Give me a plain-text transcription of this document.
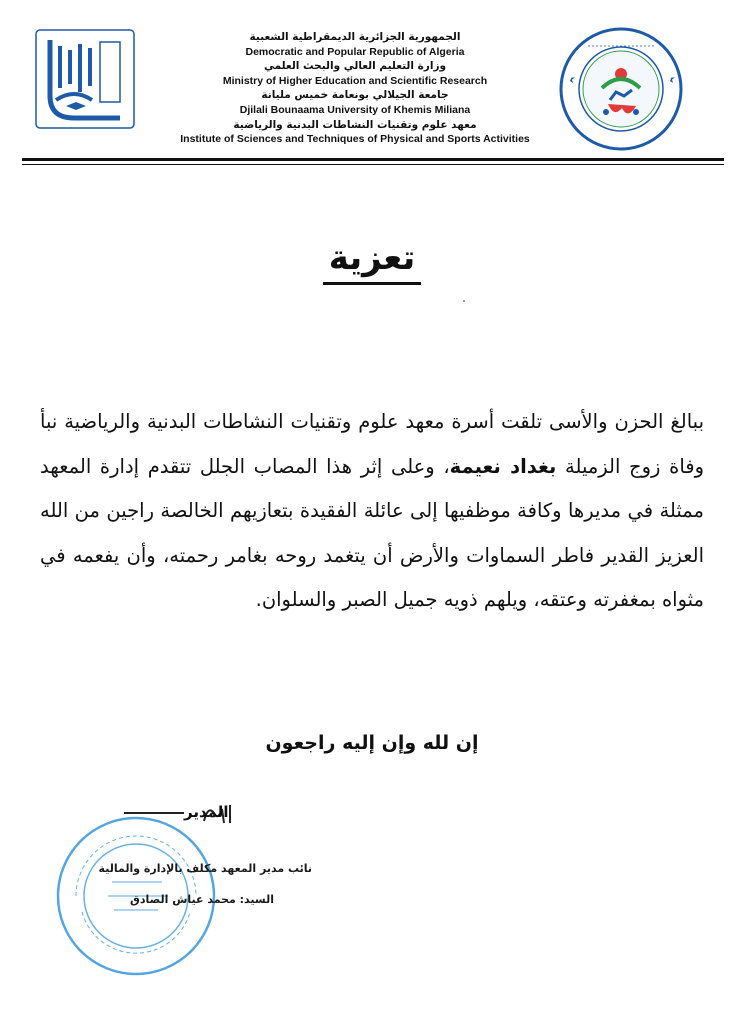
الجمهورية الجزائرية الديمقراطية الشعبية
Democratic and Popular Republic of Algeria
وزارة التعليم العالي والبحث العلمي
Ministry of Higher Education and Scientific Research
جامعة الجيلالي بونعامة خميس مليانة
Djilali Bounaama University of Khemis Miliana
معهد علوم وتقنيات النشاطات البدنية والرياضية
Institute of Sciences and Techniques of Physical and Sports Activities
تعزية
ببالغ الحزن والأسى تلقت أسرة معهد علوم وتقنيات النشاطات البدنية والرياضية نبأ وفاة زوج الزميلة بغداد نعيمة، وعلى إثر هذا المصاب الجلل تتقدم إدارة المعهد ممثلة في مديرها وكافة موظفيها إلى عائلة الفقيدة بتعازيهم الخالصة راجين من الله العزيز القدير فاطر السماوات والأرض أن يتغمد روحه بغامر رحمته، وأن يفعمه في مثواه بمغفرته وعتقه، ويلهم ذويه جميل الصبر والسلوان.
إن لله وإن إليه راجعون
المدير
نائب مدير المعهد مكلف بالإدارة والمالية
السيد: محمد عياش الصادق
